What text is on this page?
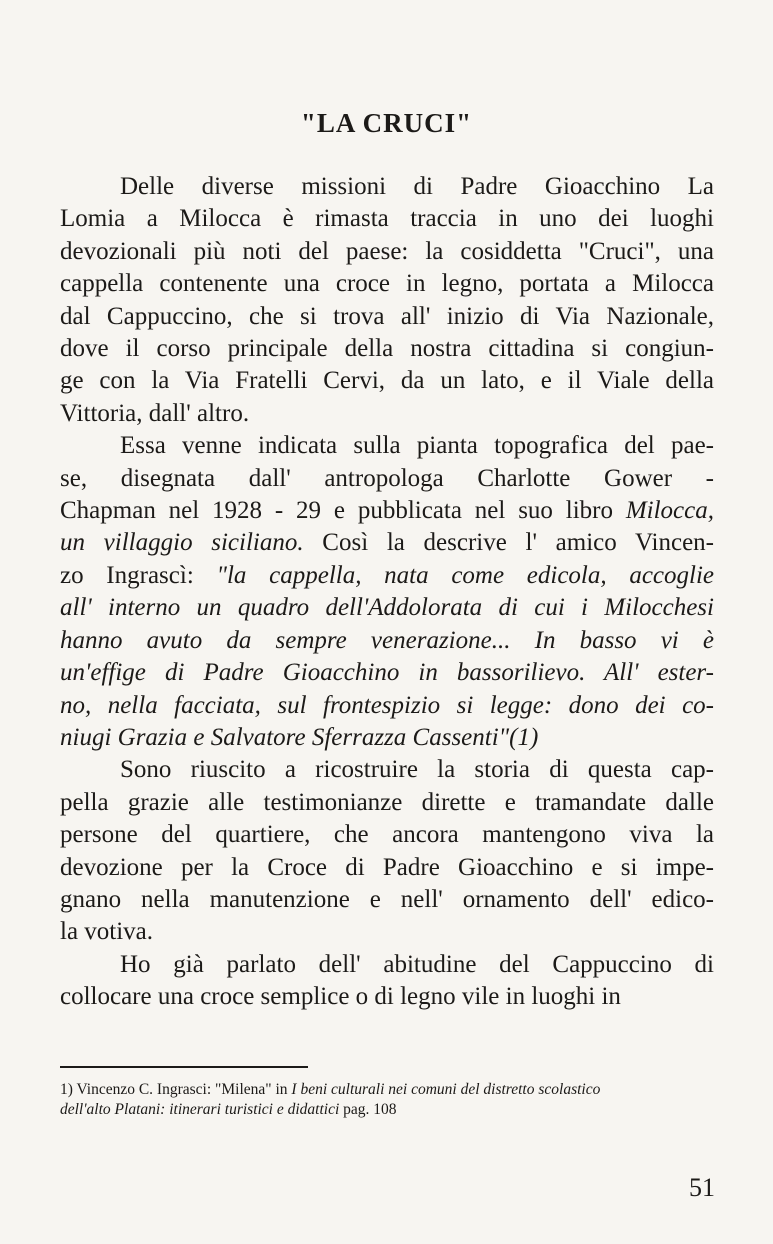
"LA CRUCI"
Delle diverse missioni di Padre Gioacchino La
Lomia a Milocca è rimasta traccia in uno dei luoghi
devozionali più noti del paese: la cosiddetta "Cruci", una
cappella contenente una croce in legno, portata a Milocca
dal Cappuccino, che si trova all' inizio di Via Nazionale,
dove il corso principale della nostra cittadina si congiun-
ge con la Via Fratelli Cervi, da un lato, e il Viale della
Vittoria, dall' altro.
Essa venne indicata sulla pianta topografica del pae-
se, disegnata dall' antropologa Charlotte Gower -
Chapman nel 1928 - 29 e pubblicata nel suo libro Milocca,
un villaggio siciliano. Così la descrive l' amico Vincen-
zo Ingrascì: "la cappella, nata come edicola, accoglie
all' interno un quadro dell'Addolorata di cui i Milocchesi
hanno avuto da sempre venerazione... In basso vi è
un'effige di Padre Gioacchino in bassorilievo. All' ester-
no, nella facciata, sul frontespizio si legge: dono dei co-
niugi Grazia e Salvatore Sferrazza Cassenti"(1)
Sono riuscito a ricostruire la storia di questa cap-
pella grazie alle testimonianze dirette e tramandate dalle
persone del quartiere, che ancora mantengono viva la
devozione per la Croce di Padre Gioacchino e si impe-
gnano nella manutenzione e nell' ornamento dell' edico-
la votiva.
Ho già parlato dell' abitudine del Cappuccino di
collocare una croce semplice o di legno vile in luoghi in
1) Vincenzo C. Ingrasci: "Milena" in I beni culturali nei comuni del distretto scolastico
dell'alto Platani: itinerari turistici e didattici pag. 108
51
